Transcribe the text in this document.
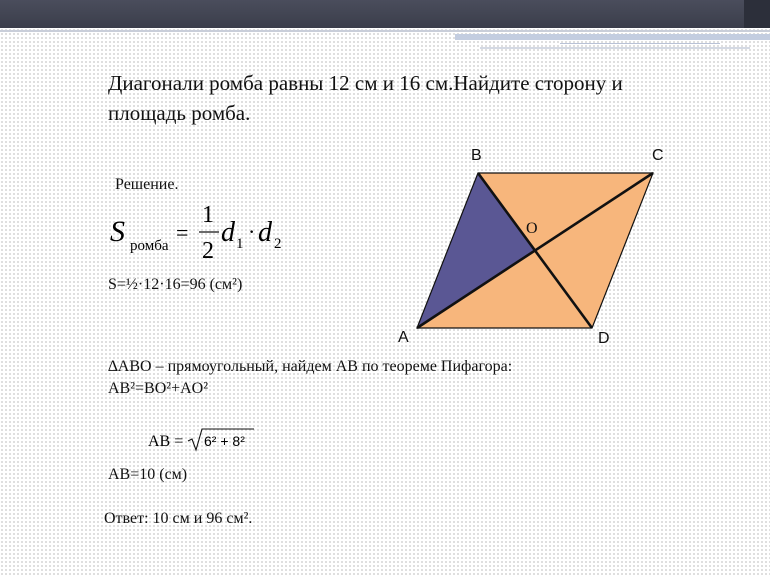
Диагонали ромба равны 12 см и 16 см.Найдите сторону и площадь ромба.
Решение.
S ромба
=
1
2
d 1 · d 2
S=½·12·16=96 (см²)
∆ABO – прямоугольный, найдем AB по теореме Пифагора:
AB²=BO²+AO²
AB = 6² + 8²
AB=10 (см)
Ответ: 10 см и 96 см².
B	C
A	D
O
